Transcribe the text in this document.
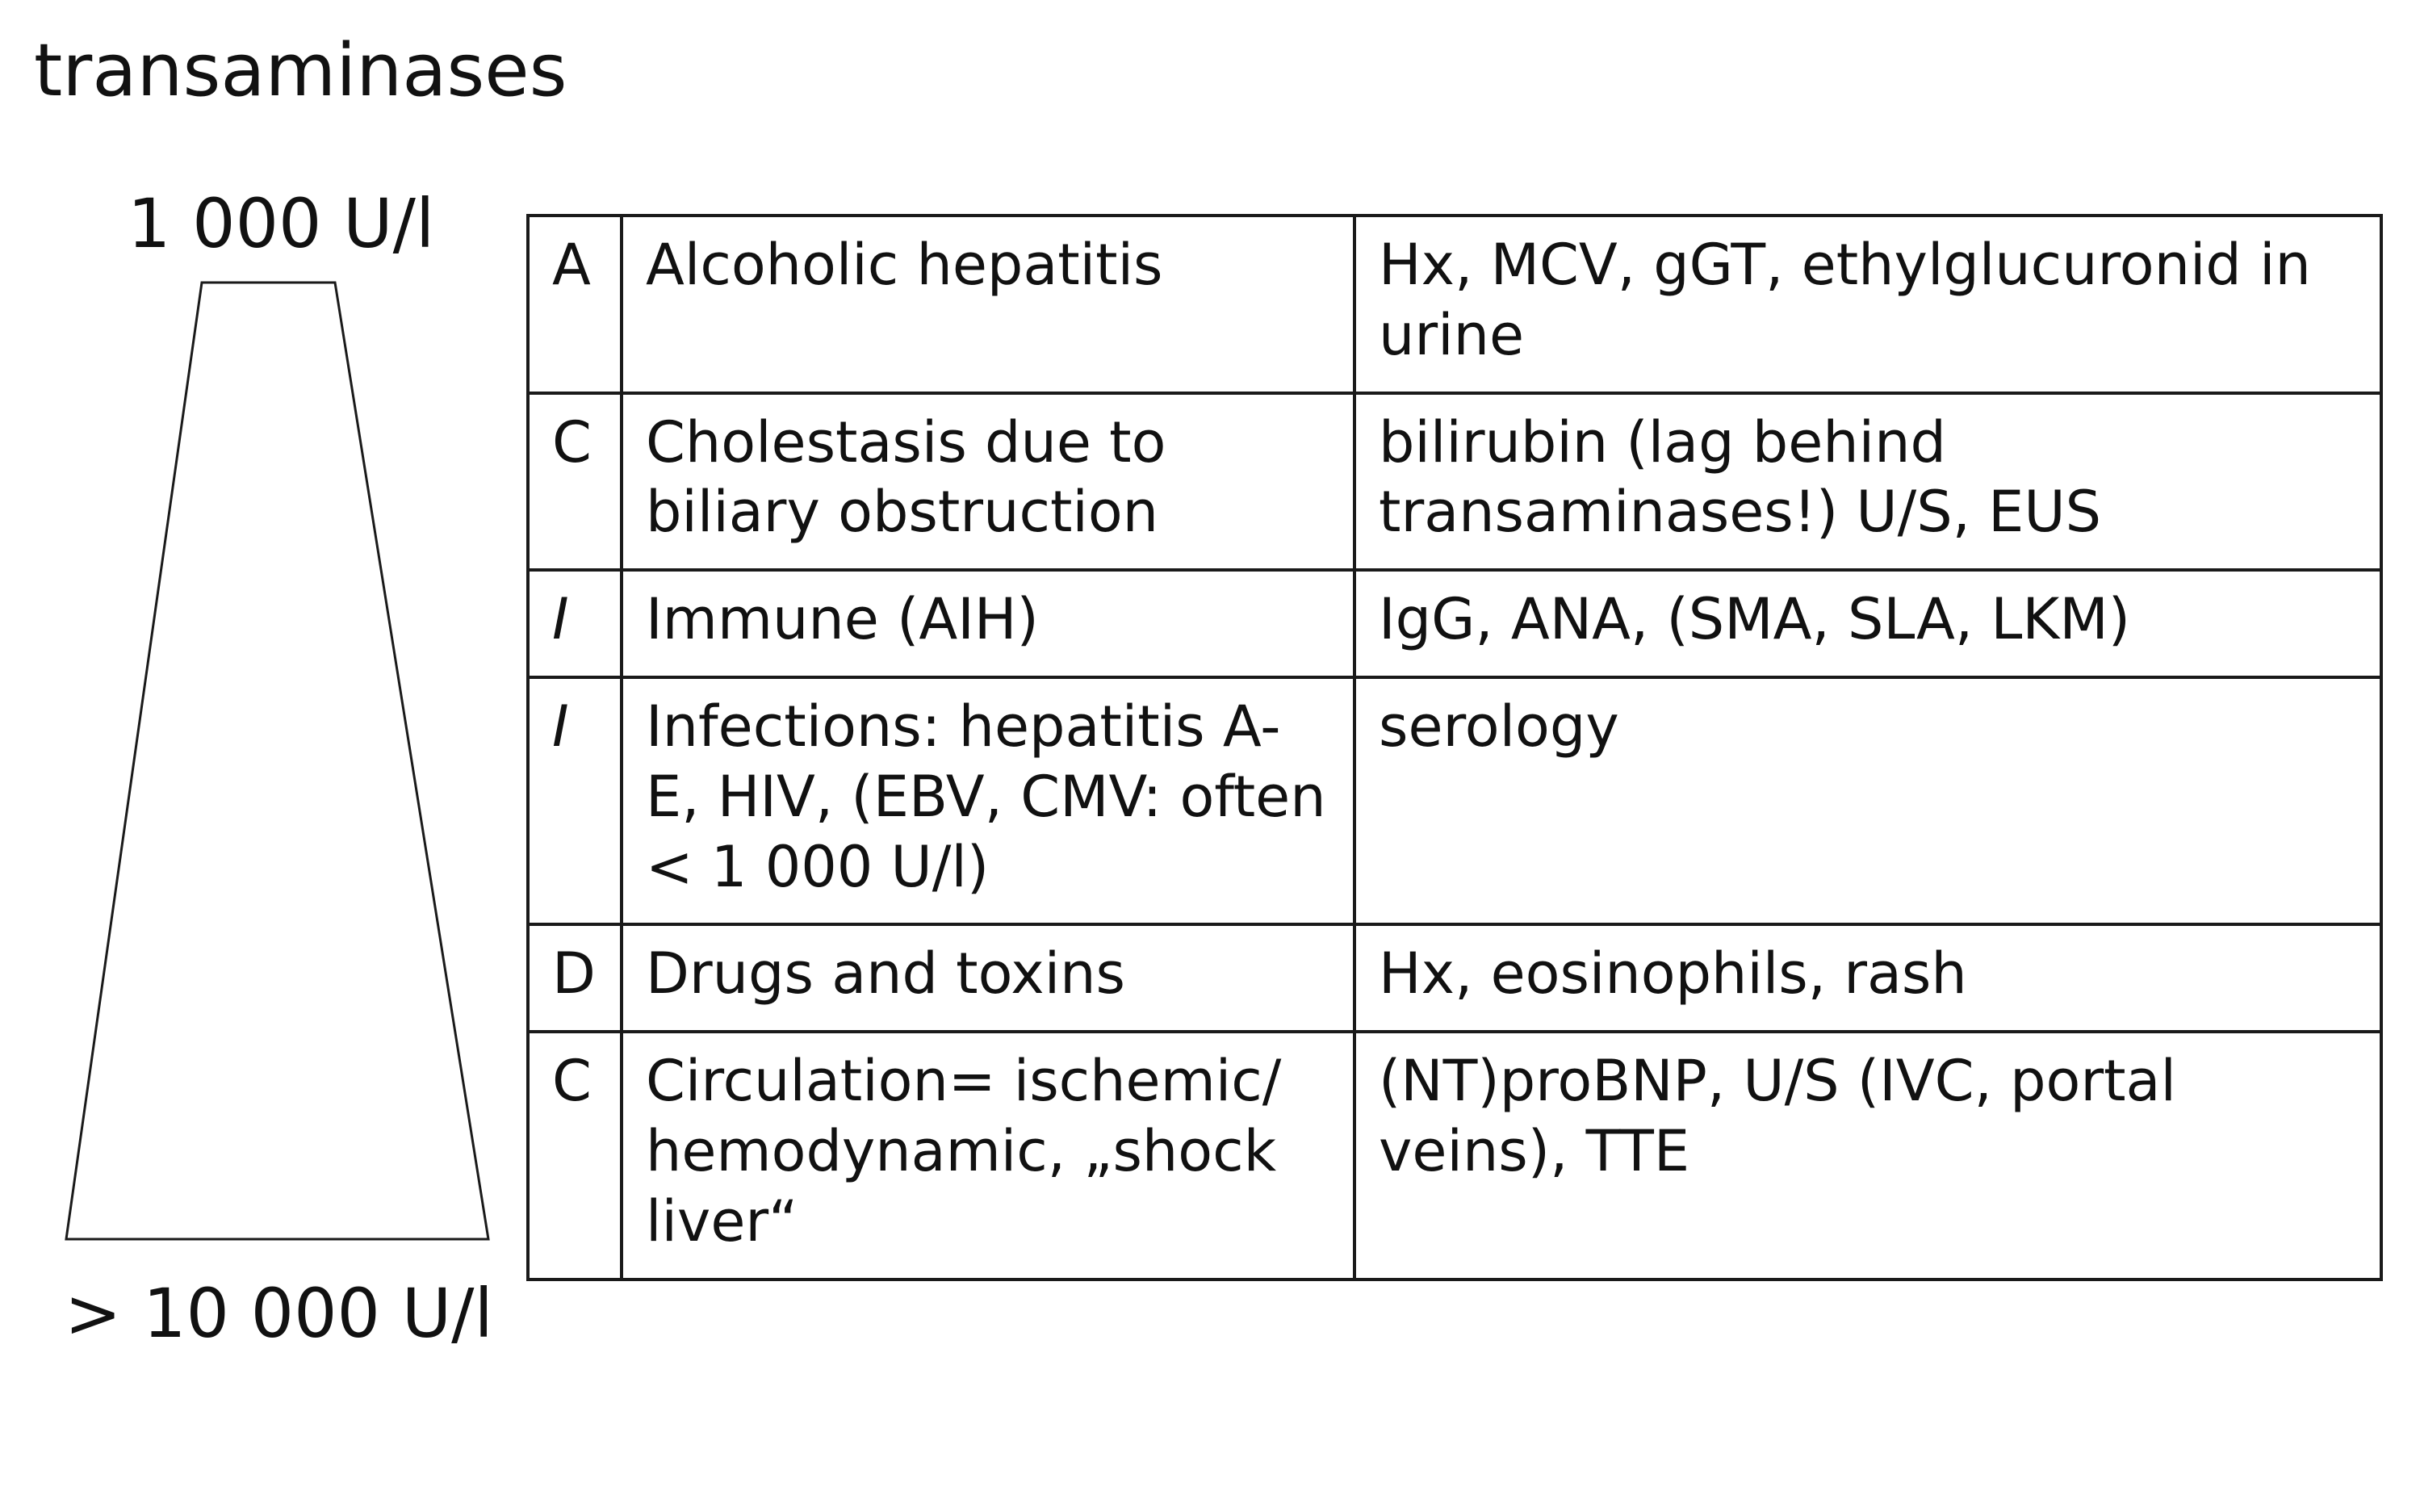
transaminases
1 000 U/l
> 10 000 U/l
A	Alcoholic hepatitis	Hx, MCV, gGT, ethylglucuronid in urine
C	Cholestasis due to biliary obstruction	bilirubin (lag behind transaminases!) U/S, EUS
I	Immune (AIH)	IgG, ANA, (SMA, SLA, LKM)
I	Infections: hepatitis A-E, HIV, (EBV, CMV: often < 1 000 U/l)	serology
D	Drugs and toxins	Hx, eosinophils, rash
C	Circulation= ischemic/ hemodynamic, „shock liver“	(NT)proBNP, U/S (IVC, portal veins), TTE
